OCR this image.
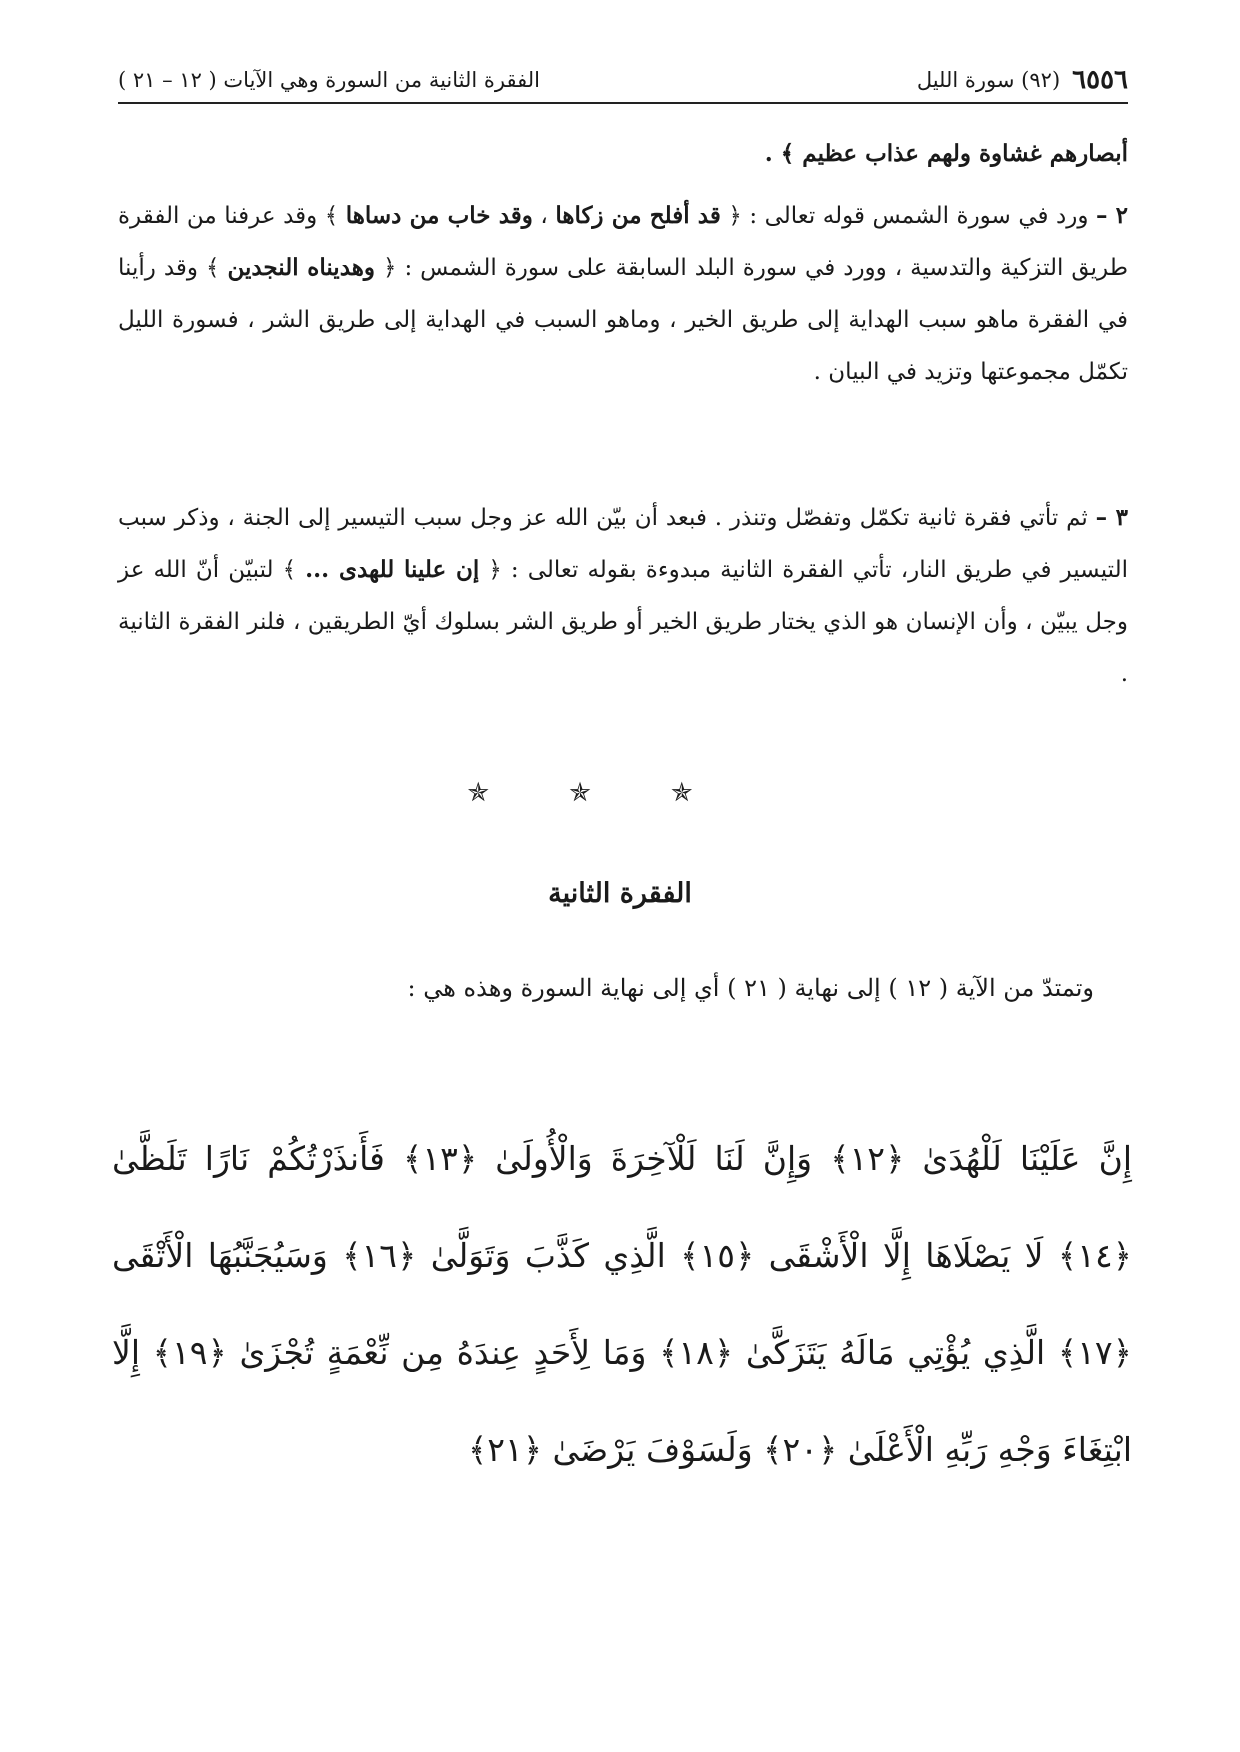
٦٥٥٦
(٩٢) سورة الليل
الفقرة الثانية من السورة وهي الآيات ( ١٢ – ٢١ )
أبصارهم غشاوة ولهم عذاب عظيم ﴾ .
٢ – ورد في سورة الشمس قوله تعالى : ﴿ قد أفلح من زكاها ، وقد خاب من دساها ﴾ وقد عرفنا من الفقرة طريق التزكية والتدسية ، وورد في سورة البلد السابقة على سورة الشمس : ﴿ وهديناه النجدين ﴾ وقد رأينا في الفقرة ماهو سبب الهداية إلى طريق الخير ، وماهو السبب في الهداية إلى طريق الشر ، فسورة الليل تكمّل مجموعتها وتزيد في البيان .
٣ – ثم تأتي فقرة ثانية تكمّل وتفصّل وتنذر . فبعد أن بيّن الله عز وجل سبب التيسير إلى الجنة ، وذكر سبب التيسير في طريق النار، تأتي الفقرة الثانية مبدوءة بقوله تعالى : ﴿ إن علينا للهدى ... ﴾ لتبيّن أنّ الله عز وجل يبيّن ، وأن الإنسان هو الذي يختار طريق الخير أو طريق الشر بسلوك أيّ الطريقين ، فلنر الفقرة الثانية .
✯✯✯
الفقرة الثانية
وتمتدّ من الآية ( ١٢ ) إلى نهاية ( ٢١ ) أي إلى نهاية السورة وهذه هي :
إِنَّ عَلَيْنَا لَلْهُدَىٰ ﴿١٢﴾ وَإِنَّ لَنَا لَلْآخِرَةَ وَالْأُولَىٰ ﴿١٣﴾ فَأَنذَرْتُكُمْ نَارًا تَلَظَّىٰ ﴿١٤﴾ لَا يَصْلَاهَا إِلَّا الْأَشْقَى ﴿١٥﴾ الَّذِي كَذَّبَ وَتَوَلَّىٰ ﴿١٦﴾ وَسَيُجَنَّبُهَا الْأَتْقَى ﴿١٧﴾ الَّذِي يُؤْتِي مَالَهُ يَتَزَكَّىٰ ﴿١٨﴾ وَمَا لِأَحَدٍ عِندَهُ مِن نِّعْمَةٍ تُجْزَىٰ ﴿١٩﴾ إِلَّا ابْتِغَاءَ وَجْهِ رَبِّهِ الْأَعْلَىٰ ﴿٢٠﴾ وَلَسَوْفَ يَرْضَىٰ ﴿٢١﴾
